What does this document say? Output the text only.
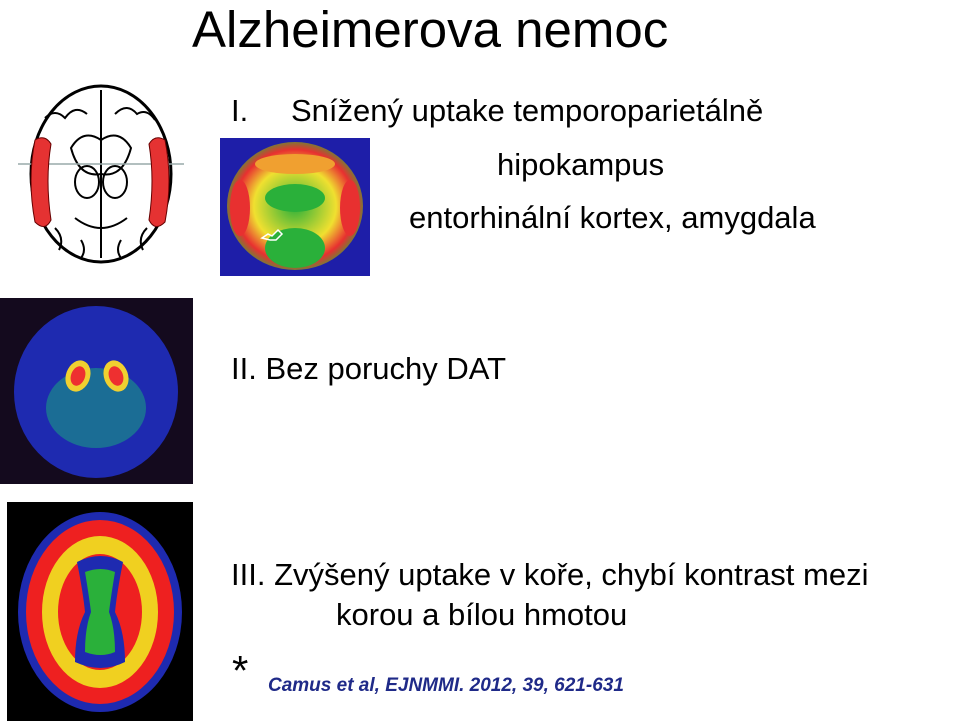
Alzheimerova nemoc
I. Snížený uptake temporoparietálně
hipokampus
entorhinální kortex, amygdala
II. Bez poruchy DAT
III. Zvýšený uptake v kořе, chybí kontrast mezi
korou a bílou hmotou
* Camus et al, EJNMMI. 2012, 39, 621-631
